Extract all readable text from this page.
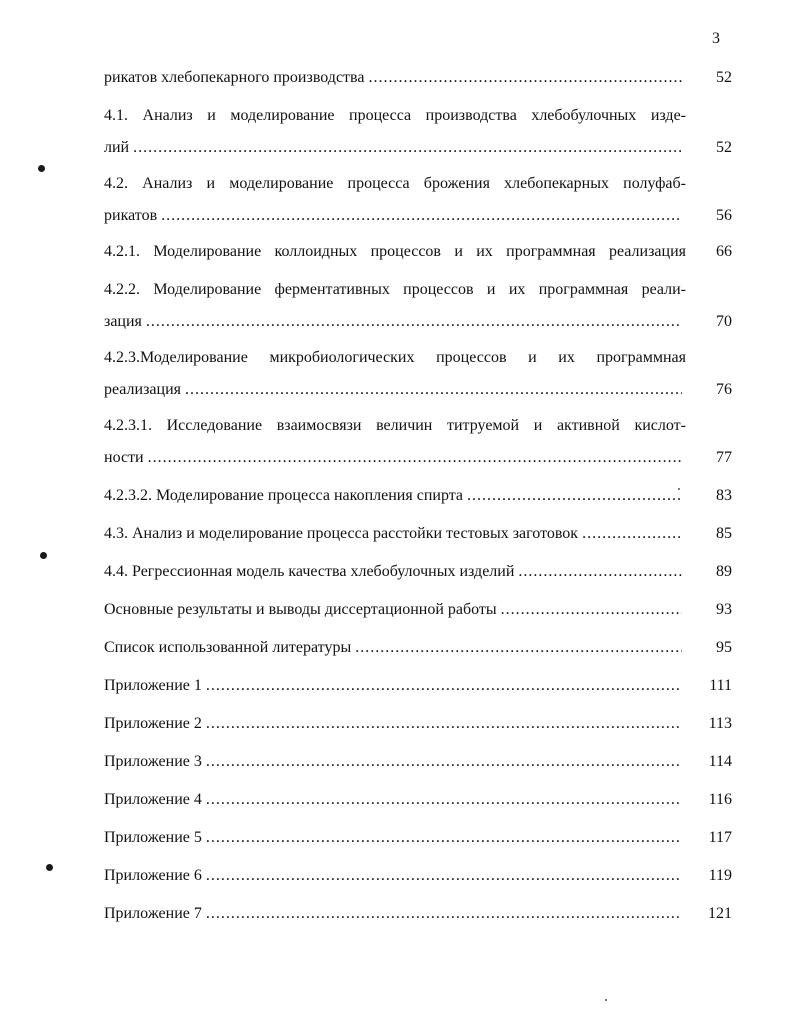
3
рикатов хлебопекарного производства .....	52
4.1. Анализ и моделирование процесса производства хлебобулочных изде-
лий .....	52
4.2. Анализ и моделирование процесса брожения хлебопекарных полуфаб-
рикатов .....	56
4.2.1. Моделирование коллоидных процессов и их программная реализация	66
4.2.2. Моделирование ферментативных процессов и их программная реали-
зация .....	70
4.2.3.Моделирование микробиологических процессов и их программная
реализация .....	76
4.2.3.1. Исследование взаимосвязи величин титруемой и активной кислот-
ности .....	77
4.2.3.2. Моделирование процесса накопления спирта .....	83
4.3. Анализ и моделирование процесса расстойки тестовых заготовок .....	85
4.4. Регрессионная модель качества хлебобулочных изделий .....	89
Основные результаты и выводы диссертационной работы .....	93
Список использованной литературы .....	95
Приложение 1 .....	111
Приложение 2 .....	113
Приложение 3 .....	114
Приложение 4 .....	116
Приложение 5 .....	117
Приложение 6 .....	119
Приложение 7 .....	121
